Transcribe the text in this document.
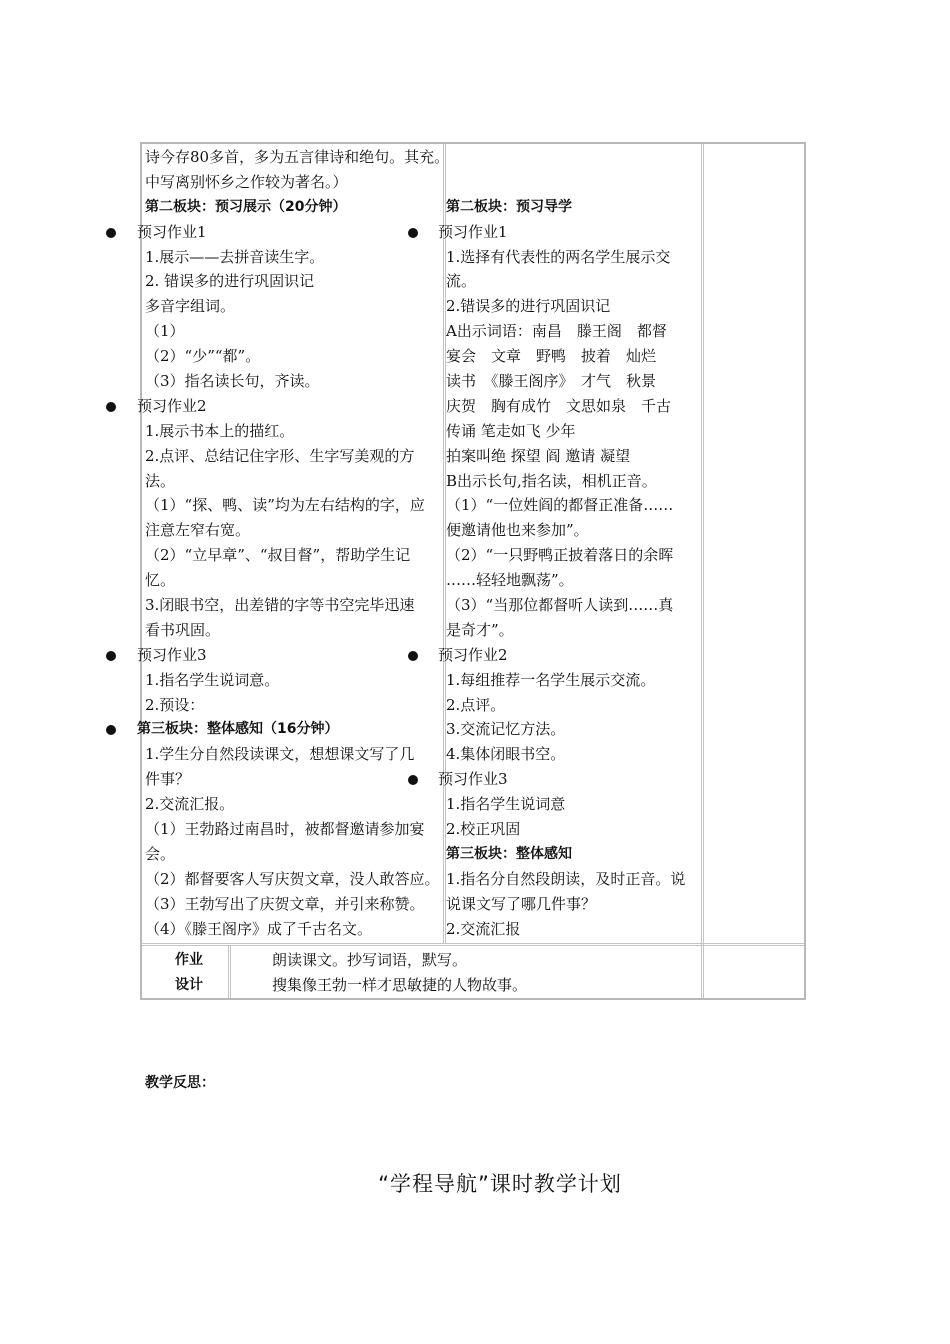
诗今存80多首，多为五言律诗和绝句。其充。
中写离别怀乡之作较为著名。）
第二板块：预习展示（20分钟）
预习作业1
1.展示——去拼音读生字。
2. 错误多的进行巩固识记
多音字组词。
（1）
（2）“少”“都”。
（3）指名读长句，齐读。
预习作业2
1.展示书本上的描红。
2.点评、总结记住字形、生字写美观的方
法。
（1）“探、鸭、读”均为左右结构的字，应
注意左窄右宽。
（2）“立早章”、“叔目督”，帮助学生记
忆。
3.闭眼书空，出差错的字等书空完毕迅速
看书巩固。
预习作业3
1.指名学生说词意。
2.预设：
第三板块：整体感知（16分钟）
1.学生分自然段读课文，想想课文写了几
件事？
2.交流汇报。
（1）王勃路过南昌时，被都督邀请参加宴
会。
（2）都督要客人写庆贺文章，没人敢答应。
（3）王勃写出了庆贺文章，并引来称赞。
（4）《滕王阁序》成了千古名文。
第二板块：预习导学
预习作业1
1.选择有代表性的两名学生展示交
流。
2.错误多的进行巩固识记
A出示词语：南昌　滕王阁　都督
宴会　文章　野鸭　披着　灿烂
读书　《滕王阁序》　才气　秋景
庆贺　胸有成竹　文思如泉　千古
传诵 笔走如飞 少年
拍案叫绝 探望 阎 邀请 凝望
B出示长句,指名读，相机正音。
（1）“一位姓阎的都督正准备……
便邀请他也来参加”。
（2）“一只野鸭正披着落日的余晖
……轻轻地飘荡”。
（3）“当那位都督听人读到……真
是奇才”。
预习作业2
1.每组推荐一名学生展示交流。
2.点评。
3.交流记忆方法。
4.集体闭眼书空。
预习作业3
1.指名学生说词意
2.校正巩固
第三板块：整体感知
1.指名分自然段朗读，及时正音。说
说课文写了哪几件事？
2.交流汇报
作业
设计
朗读课文。抄写词语，默写。
搜集像王勃一样才思敏捷的人物故事。
教学反思：
“学程导航”课时教学计划
